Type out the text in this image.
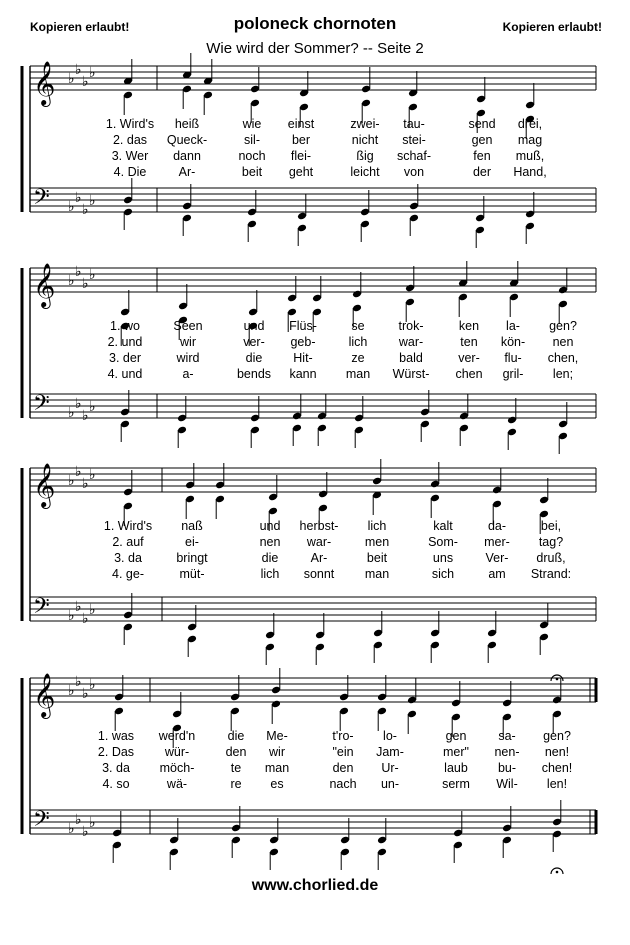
Kopieren erlaubt!	Kopieren erlaubt!
poloneck chornoten
Wie wird der Sommer? -- Seite 2
𝄞 ♭
♭
♭
♭
𝄢 ♭
♭
♭
♭
1. Wird's heiß	wie einst	zwei- tau-	send drei,
2. das Queck-	sil-	ber	nicht stei-	gen mag
3. Wer dann	noch flei-	ßig schaf-	fen muß,
4. Die	Ar-	beit geht	leicht von	der Hand,
𝄞 ♭
♭
♭
♭
𝄢 ♭
♭
♭
♭
1. wo	Seen	und Flüs-	se	trok-	ken la- gen?
2. und	wir	ver- geb-	lich	war-	ten kön- nen
3. der	wird	die Hit-	ze	bald	ver- flu- chen,
4. und	a-	bends kann man Würst- chen gril- len;
𝄞 ♭
♭
♭
♭
𝄢 ♭
♭
♭
♭
1. Wird's naß	und herbst- lich	kalt	da-	bei,
2. auf	ei-	nen war-	men	Som- mer- tag?
3. da	bringt	die	Ar-	beit	uns	Ver- druß,
4. ge-	müt-	lich sonnt man	sich	am Strand:
𝄞 ♭
♭
♭
♭
𝄢 ♭
♭
♭
♭
1. was werd'n	die Me-	t'ro- lo-	gen	sa- gen?
2. Das wür-	den wir	"ein Jam-	mer" nen- nen!
3. da möch-	te man	den Ur-	laub bu- chen!
4. so	wä-	re es	nach un-	serm Wil- len!
www.chorlied.de
